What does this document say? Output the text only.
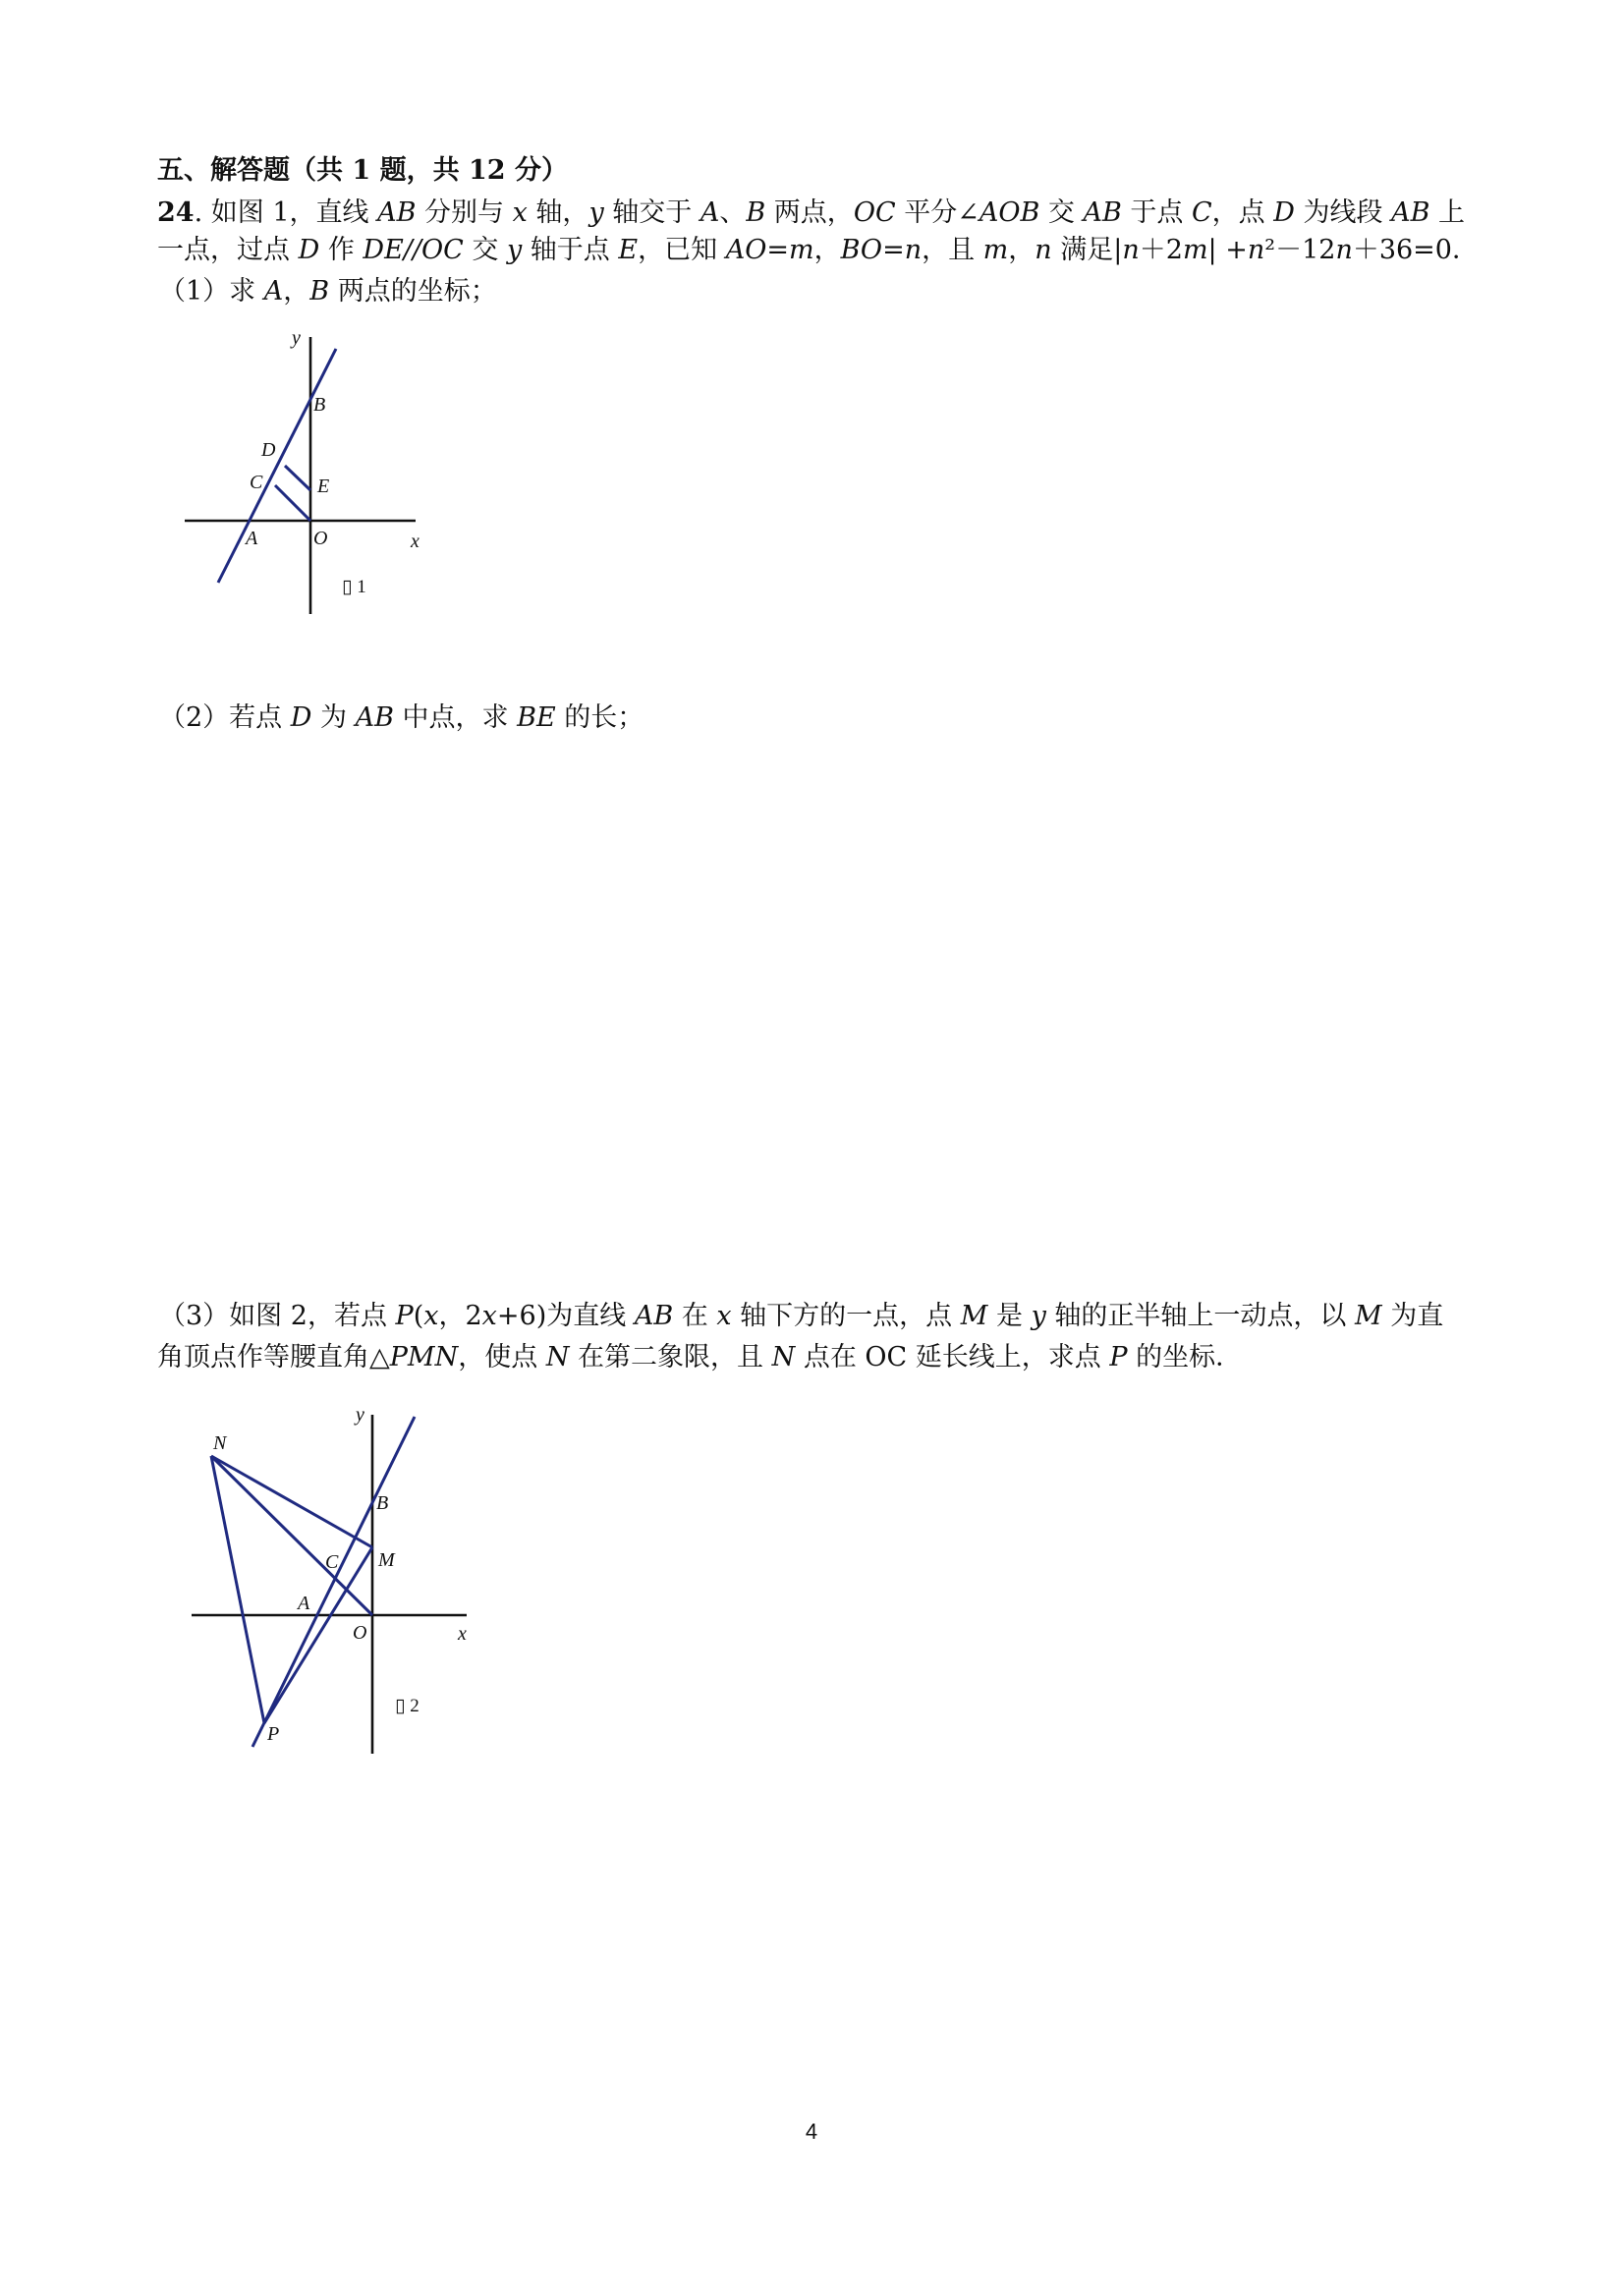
五、解答题（共 1 题，共 12 分）

24. 如图 1，直线 AB 分别与 x 轴，y 轴交于 A、B 两点，OC 平分∠AOB 交 AB 于点 C，点 D 为线段 AB 上

一点，过点 D 作 DE//OC 交 y 轴于点 E，已知 AO=m，BO=n，且 m，n 满足|n＋2m| +n²－12n＋36=0．

（1）求 A，B 两点的坐标；

y
x
B
D
C	E
A	O
▯ 1

（2）若点 D 为 AB 中点，求 BE 的长；

（3）如图 2，若点 P(x，2x+6)为直线 AB 在 x 轴下方的一点，点 M 是 y 轴的正半轴上一动点，以 M 为直

角顶点作等腰直角△PMN，使点 N 在第二象限，且 N 点在 OC 延长线上，求点 P 的坐标．

y
x
N
B
C M
A
O
P
▯ 2
4
